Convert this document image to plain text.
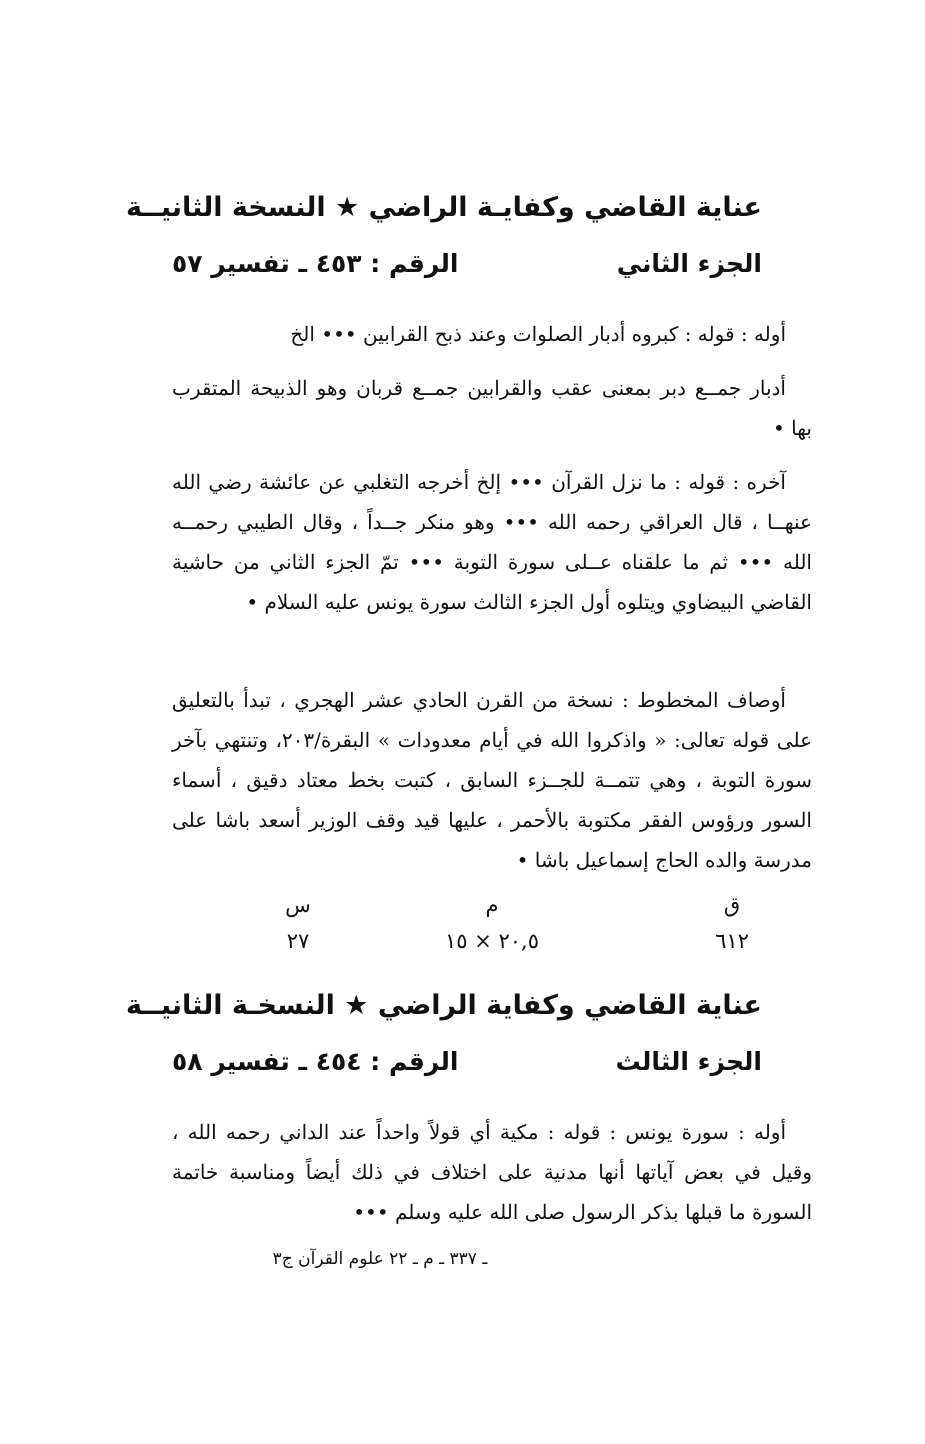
عناية القاضي وكفايـة الراضي ★ النسخة الثانيــة
الجزء الثاني
الرقم : ٤٥٣ ـ تفسير ٥٧

أوله : قوله : كبروه أدبار الصلوات وعند ذبح القرابين ••• الخ

أدبار جمــع دبر بمعنى عقب والقرابين جمــع قربان وهو الذبيحة المتقرب بها •

آخره : قوله : ما نزل القرآن ••• إلخ أخرجه التغلبي عن عائشة رضي الله عنهــا ، قال العراقي رحمه الله ••• وهو منكر جــداً ، وقال الطيبي رحمــه الله ••• ثم ما علقناه عــلى سورة التوبة ••• تمّ الجزء الثاني من حاشية القاضي البيضاوي ويتلوه أول الجزء الثالث سورة يونس عليه السلام •

أوصاف المخطوط : نسخة من القرن الحادي عشر الهجري ، تبدأ بالتعليق على قوله تعالى: « واذكروا الله في أيام معدودات » البقرة/٢٠٣، وتنتهي بآخر سورة التوبة ، وهي تتمــة للجــزء السابق ، كتبت بخط معتاد دقيق ، أسماء السور ورؤوس الفقر مكتوبة بالأحمر ، عليها قيد وقف الوزير أسعد باشا على مدرسة والده الحاج إسماعيل باشا •

ق
م
س
٦١٢
٢٠,٥ × ١٥
٢٧
عناية القاضي وكفاية الراضي ★ النسخـة الثانيــة
الجزء الثالث
الرقم : ٤٥٤ ـ تفسير ٥٨

أوله : سورة يونس : قوله : مكية أي قولاً واحداً عند الداني رحمه الله ، وقيل في بعض آياتها أنها مدنية على اختلاف في ذلك أيضاً ومناسبة خاتمة السورة ما قبلها بذكر الرسول صلى الله عليه وسلم •••

ـ ٣٣٧ ـ م ـ ٢٢ علوم القرآن ج٣
